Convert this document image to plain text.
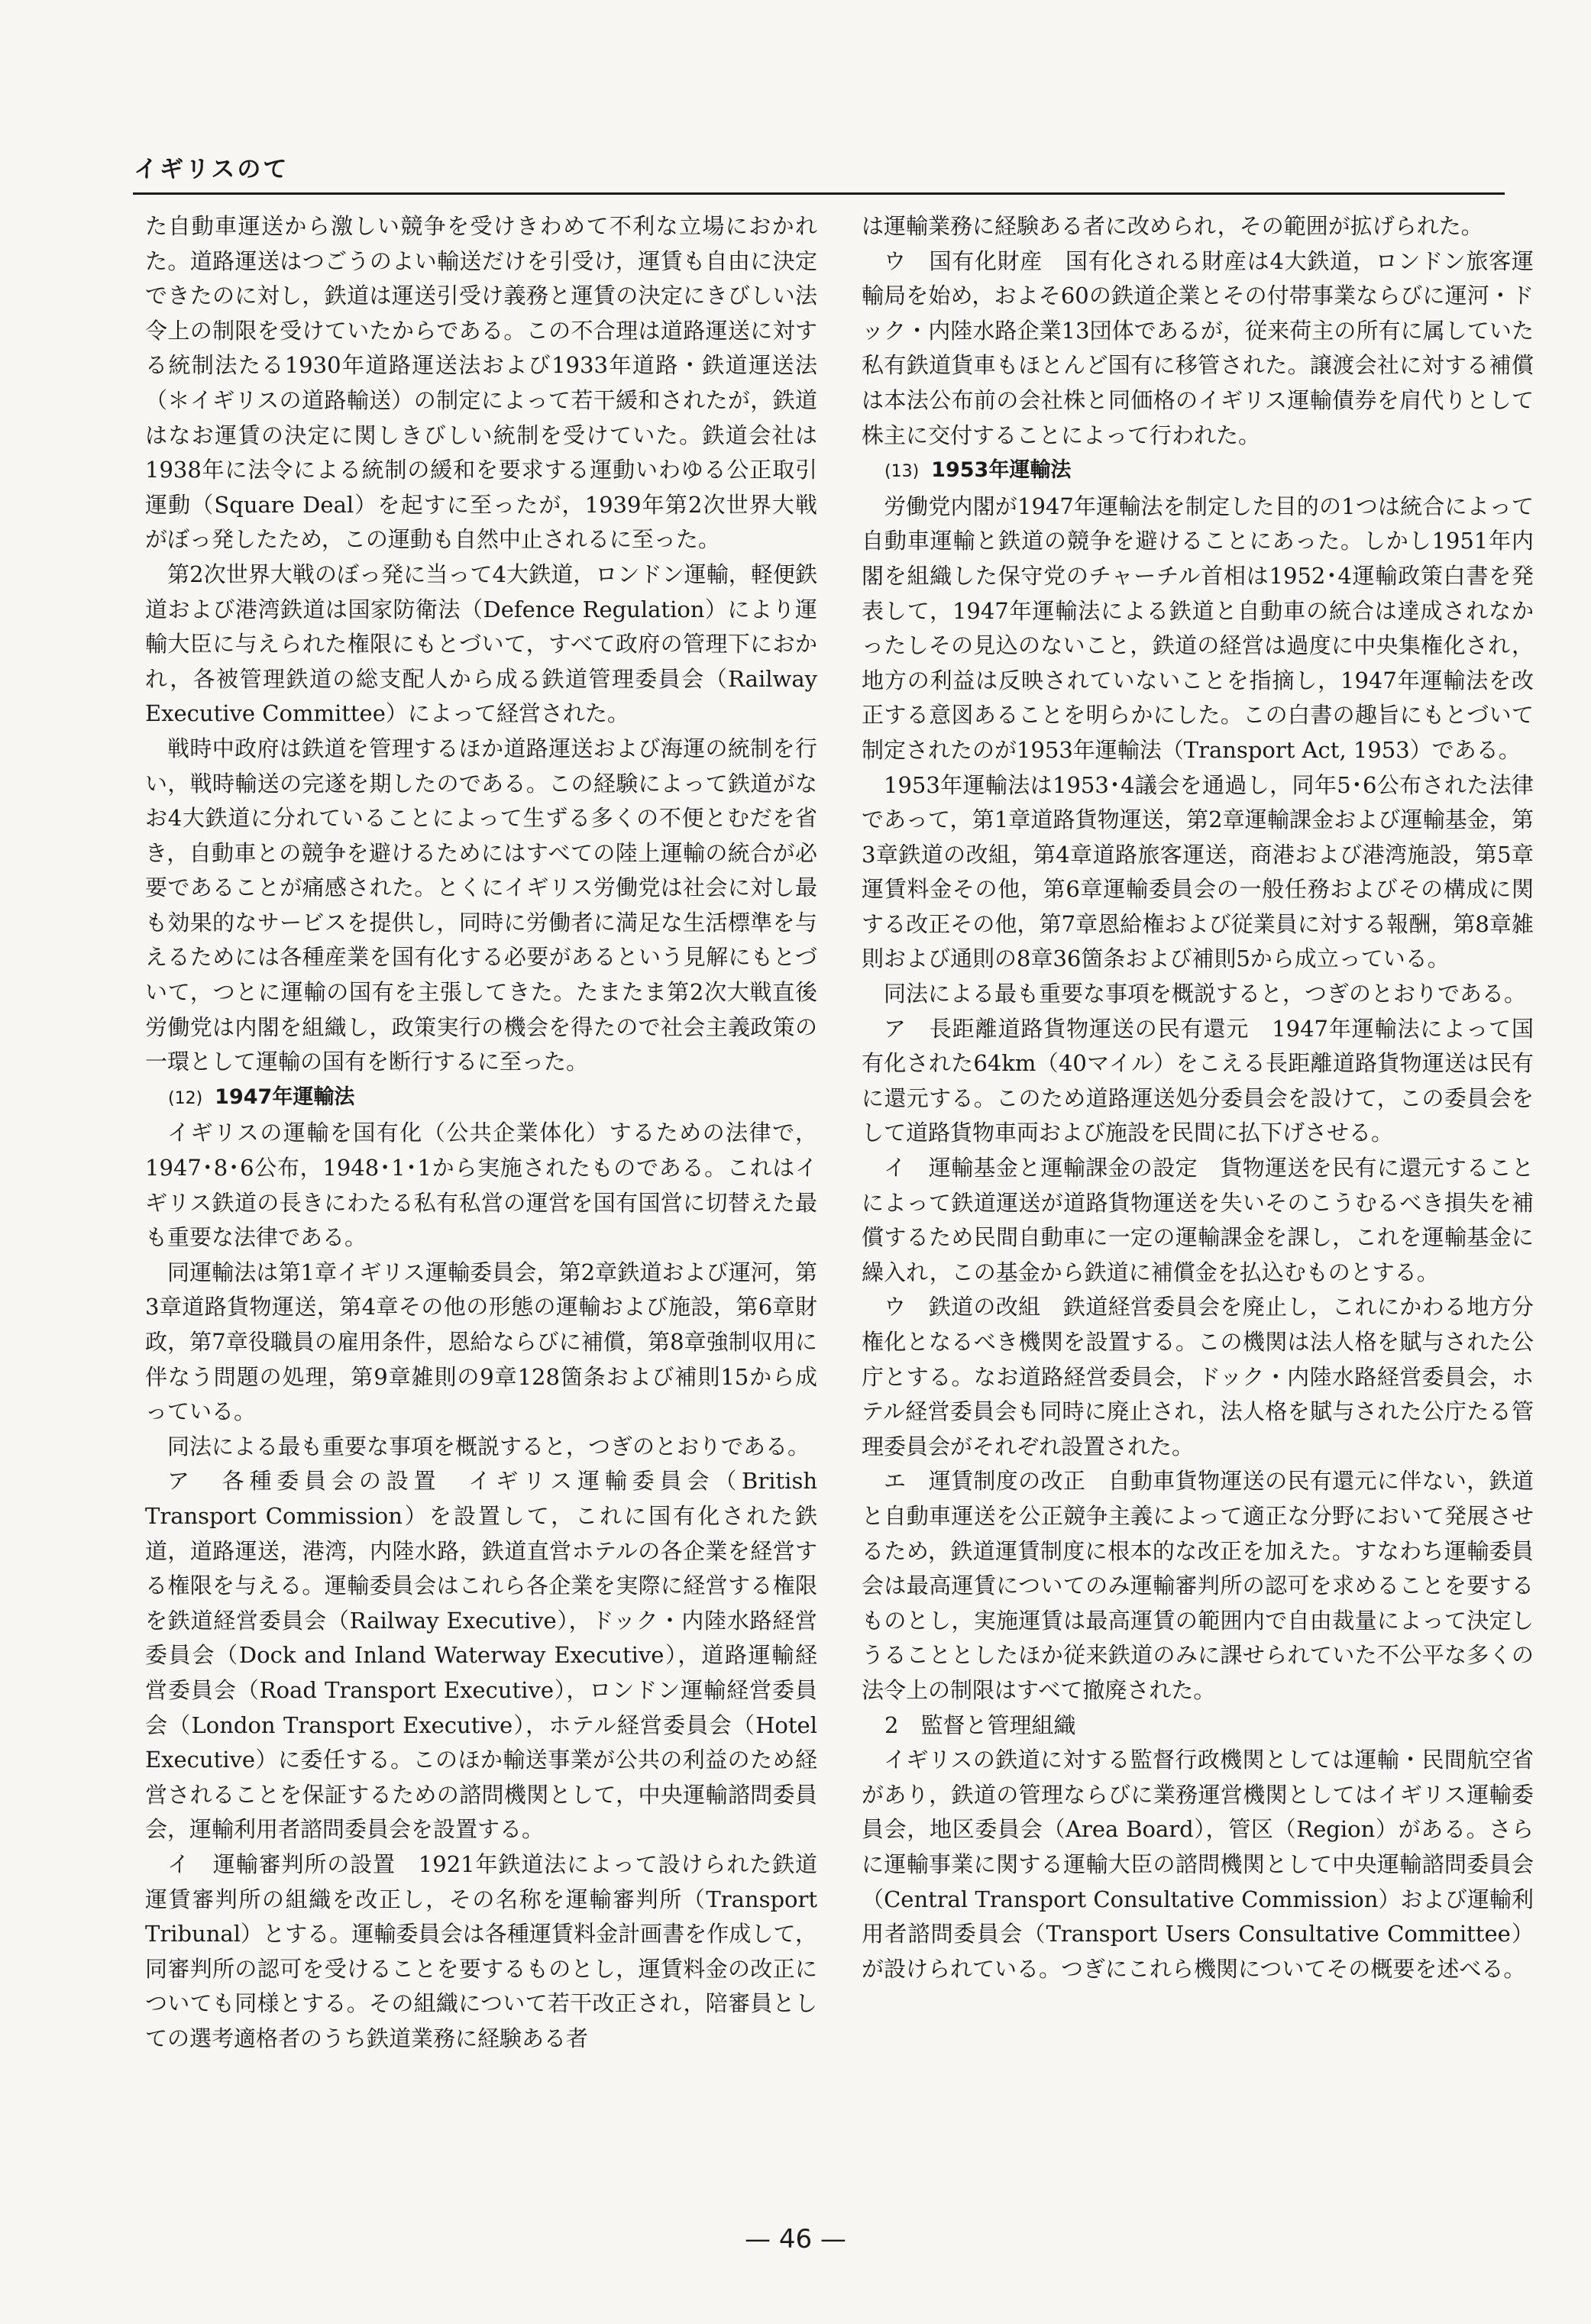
イギリスのて

た自動車運送から激しい競争を受けきわめて不利な立場におかれた。道路運送はつごうのよい輸送だけを引受け，運賃も自由に決定できたのに対し，鉄道は運送引受け義務と運賃の決定にきびしい法令上の制限を受けていたからである。この不合理は道路運送に対する統制法たる1930年道路運送法および1933年道路・鉄道運送法（＊イギリスの道路輸送）の制定によって若干緩和されたが，鉄道はなお運賃の決定に関しきびしい統制を受けていた。鉄道会社は1938年に法令による統制の緩和を要求する運動いわゆる公正取引運動（Square Deal）を起すに至ったが，1939年第2次世界大戦がぼっ発したため，この運動も自然中止されるに至った。

第2次世界大戦のぼっ発に当って4大鉄道，ロンドン運輸，軽便鉄道および港湾鉄道は国家防衛法（Defence Regulation）により運輸大臣に与えられた権限にもとづいて，すべて政府の管理下におかれ，各被管理鉄道の総支配人から成る鉄道管理委員会（Railway Executive Committee）によって経営された。

戦時中政府は鉄道を管理するほか道路運送および海運の統制を行い，戦時輸送の完遂を期したのである。この経験によって鉄道がなお4大鉄道に分れていることによって生ずる多くの不便とむだを省き，自動車との競争を避けるためにはすべての陸上運輸の統合が必要であることが痛感された。とくにイギリス労働党は社会に対し最も効果的なサービスを提供し，同時に労働者に満足な生活標準を与えるためには各種産業を国有化する必要があるという見解にもとづいて，つとに運輸の国有を主張してきた。たまたま第2次大戦直後労働党は内閣を組織し，政策実行の機会を得たので社会主義政策の一環として運輸の国有を断行するに至った。

(12) 1947年運輸法

イギリスの運輸を国有化（公共企業体化）するための法律で，1947･8･6公布，1948･1･1から実施されたものである。これはイギリス鉄道の長きにわたる私有私営の運営を国有国営に切替えた最も重要な法律である。

同運輸法は第1章イギリス運輸委員会，第2章鉄道および運河，第3章道路貨物運送，第4章その他の形態の運輸および施設，第6章財政，第7章役職員の雇用条件，恩給ならびに補償，第8章強制収用に伴なう問題の処理，第9章雑則の9章128箇条および補則15から成っている。

同法による最も重要な事項を概説すると，つぎのとおりである。

ア　各種委員会の設置　イギリス運輸委員会（British Transport Commission）を設置して，これに国有化された鉄道，道路運送，港湾，内陸水路，鉄道直営ホテルの各企業を経営する権限を与える。運輸委員会はこれら各企業を実際に経営する権限を鉄道経営委員会（Railway Executive），ドック・内陸水路経営委員会（Dock and Inland Waterway Executive），道路運輸経営委員会（Road Transport Executive），ロンドン運輸経営委員会（London Transport Executive），ホテル経営委員会（Hotel Executive）に委任する。このほか輸送事業が公共の利益のため経営されることを保証するための諮問機関として，中央運輸諮問委員会，運輸利用者諮問委員会を設置する。

イ　運輸審判所の設置　1921年鉄道法によって設けられた鉄道運賃審判所の組織を改正し，その名称を運輸審判所（Transport Tribunal）とする。運輸委員会は各種運賃料金計画書を作成して，同審判所の認可を受けることを要するものとし，運賃料金の改正についても同様とする。その組織について若干改正され，陪審員としての選考適格者のうち鉄道業務に経験ある者

は運輸業務に経験ある者に改められ，その範囲が拡げられた。

ウ　国有化財産　国有化される財産は4大鉄道，ロンドン旅客運輸局を始め，およそ60の鉄道企業とその付帯事業ならびに運河・ドック・内陸水路企業13団体であるが，従来荷主の所有に属していた私有鉄道貨車もほとんど国有に移管された。譲渡会社に対する補償は本法公布前の会社株と同価格のイギリス運輸債券を肩代りとして株主に交付することによって行われた。

(13) 1953年運輸法

労働党内閣が1947年運輸法を制定した目的の1つは統合によって自動車運輸と鉄道の競争を避けることにあった。しかし1951年内閣を組織した保守党のチャーチル首相は1952･4運輸政策白書を発表して，1947年運輸法による鉄道と自動車の統合は達成されなかったしその見込のないこと，鉄道の経営は過度に中央集権化され，地方の利益は反映されていないことを指摘し，1947年運輸法を改正する意図あることを明らかにした。この白書の趣旨にもとづいて制定されたのが1953年運輸法（Transport Act, 1953）である。

1953年運輸法は1953･4議会を通過し，同年5･6公布された法律であって，第1章道路貨物運送，第2章運輸課金および運輸基金，第3章鉄道の改組，第4章道路旅客運送，商港および港湾施設，第5章運賃料金その他，第6章運輸委員会の一般任務およびその構成に関する改正その他，第7章恩給権および従業員に対する報酬，第8章雑則および通則の8章36箇条および補則5から成立っている。

同法による最も重要な事項を概説すると，つぎのとおりである。

ア　長距離道路貨物運送の民有還元　1947年運輸法によって国有化された64km（40マイル）をこえる長距離道路貨物運送は民有に還元する。このため道路運送処分委員会を設けて，この委員会をして道路貨物車両および施設を民間に払下げさせる。

イ　運輸基金と運輸課金の設定　貨物運送を民有に還元することによって鉄道運送が道路貨物運送を失いそのこうむるべき損失を補償するため民間自動車に一定の運輸課金を課し，これを運輸基金に繰入れ，この基金から鉄道に補償金を払込むものとする。

ウ　鉄道の改組　鉄道経営委員会を廃止し，これにかわる地方分権化となるべき機関を設置する。この機関は法人格を賦与された公庁とする。なお道路経営委員会，ドック・内陸水路経営委員会，ホテル経営委員会も同時に廃止され，法人格を賦与された公庁たる管理委員会がそれぞれ設置された。

エ　運賃制度の改正　自動車貨物運送の民有還元に伴ない，鉄道と自動車運送を公正競争主義によって適正な分野において発展させるため，鉄道運賃制度に根本的な改正を加えた。すなわち運輸委員会は最高運賃についてのみ運輸審判所の認可を求めることを要するものとし，実施運賃は最高運賃の範囲内で自由裁量によって決定しうることとしたほか従来鉄道のみに課せられていた不公平な多くの法令上の制限はすべて撤廃された。

2　監督と管理組織

イギリスの鉄道に対する監督行政機関としては運輸・民間航空省があり，鉄道の管理ならびに業務運営機関としてはイギリス運輸委員会，地区委員会（Area Board），管区（Region）がある。さらに運輸事業に関する運輸大臣の諮問機関として中央運輸諮問委員会（Central Transport Consultative Commission）および運輸利用者諮問委員会（Transport Users Consultative Committee）が設けられている。つぎにこれら機関についてその概要を述べる。

— 46 —
